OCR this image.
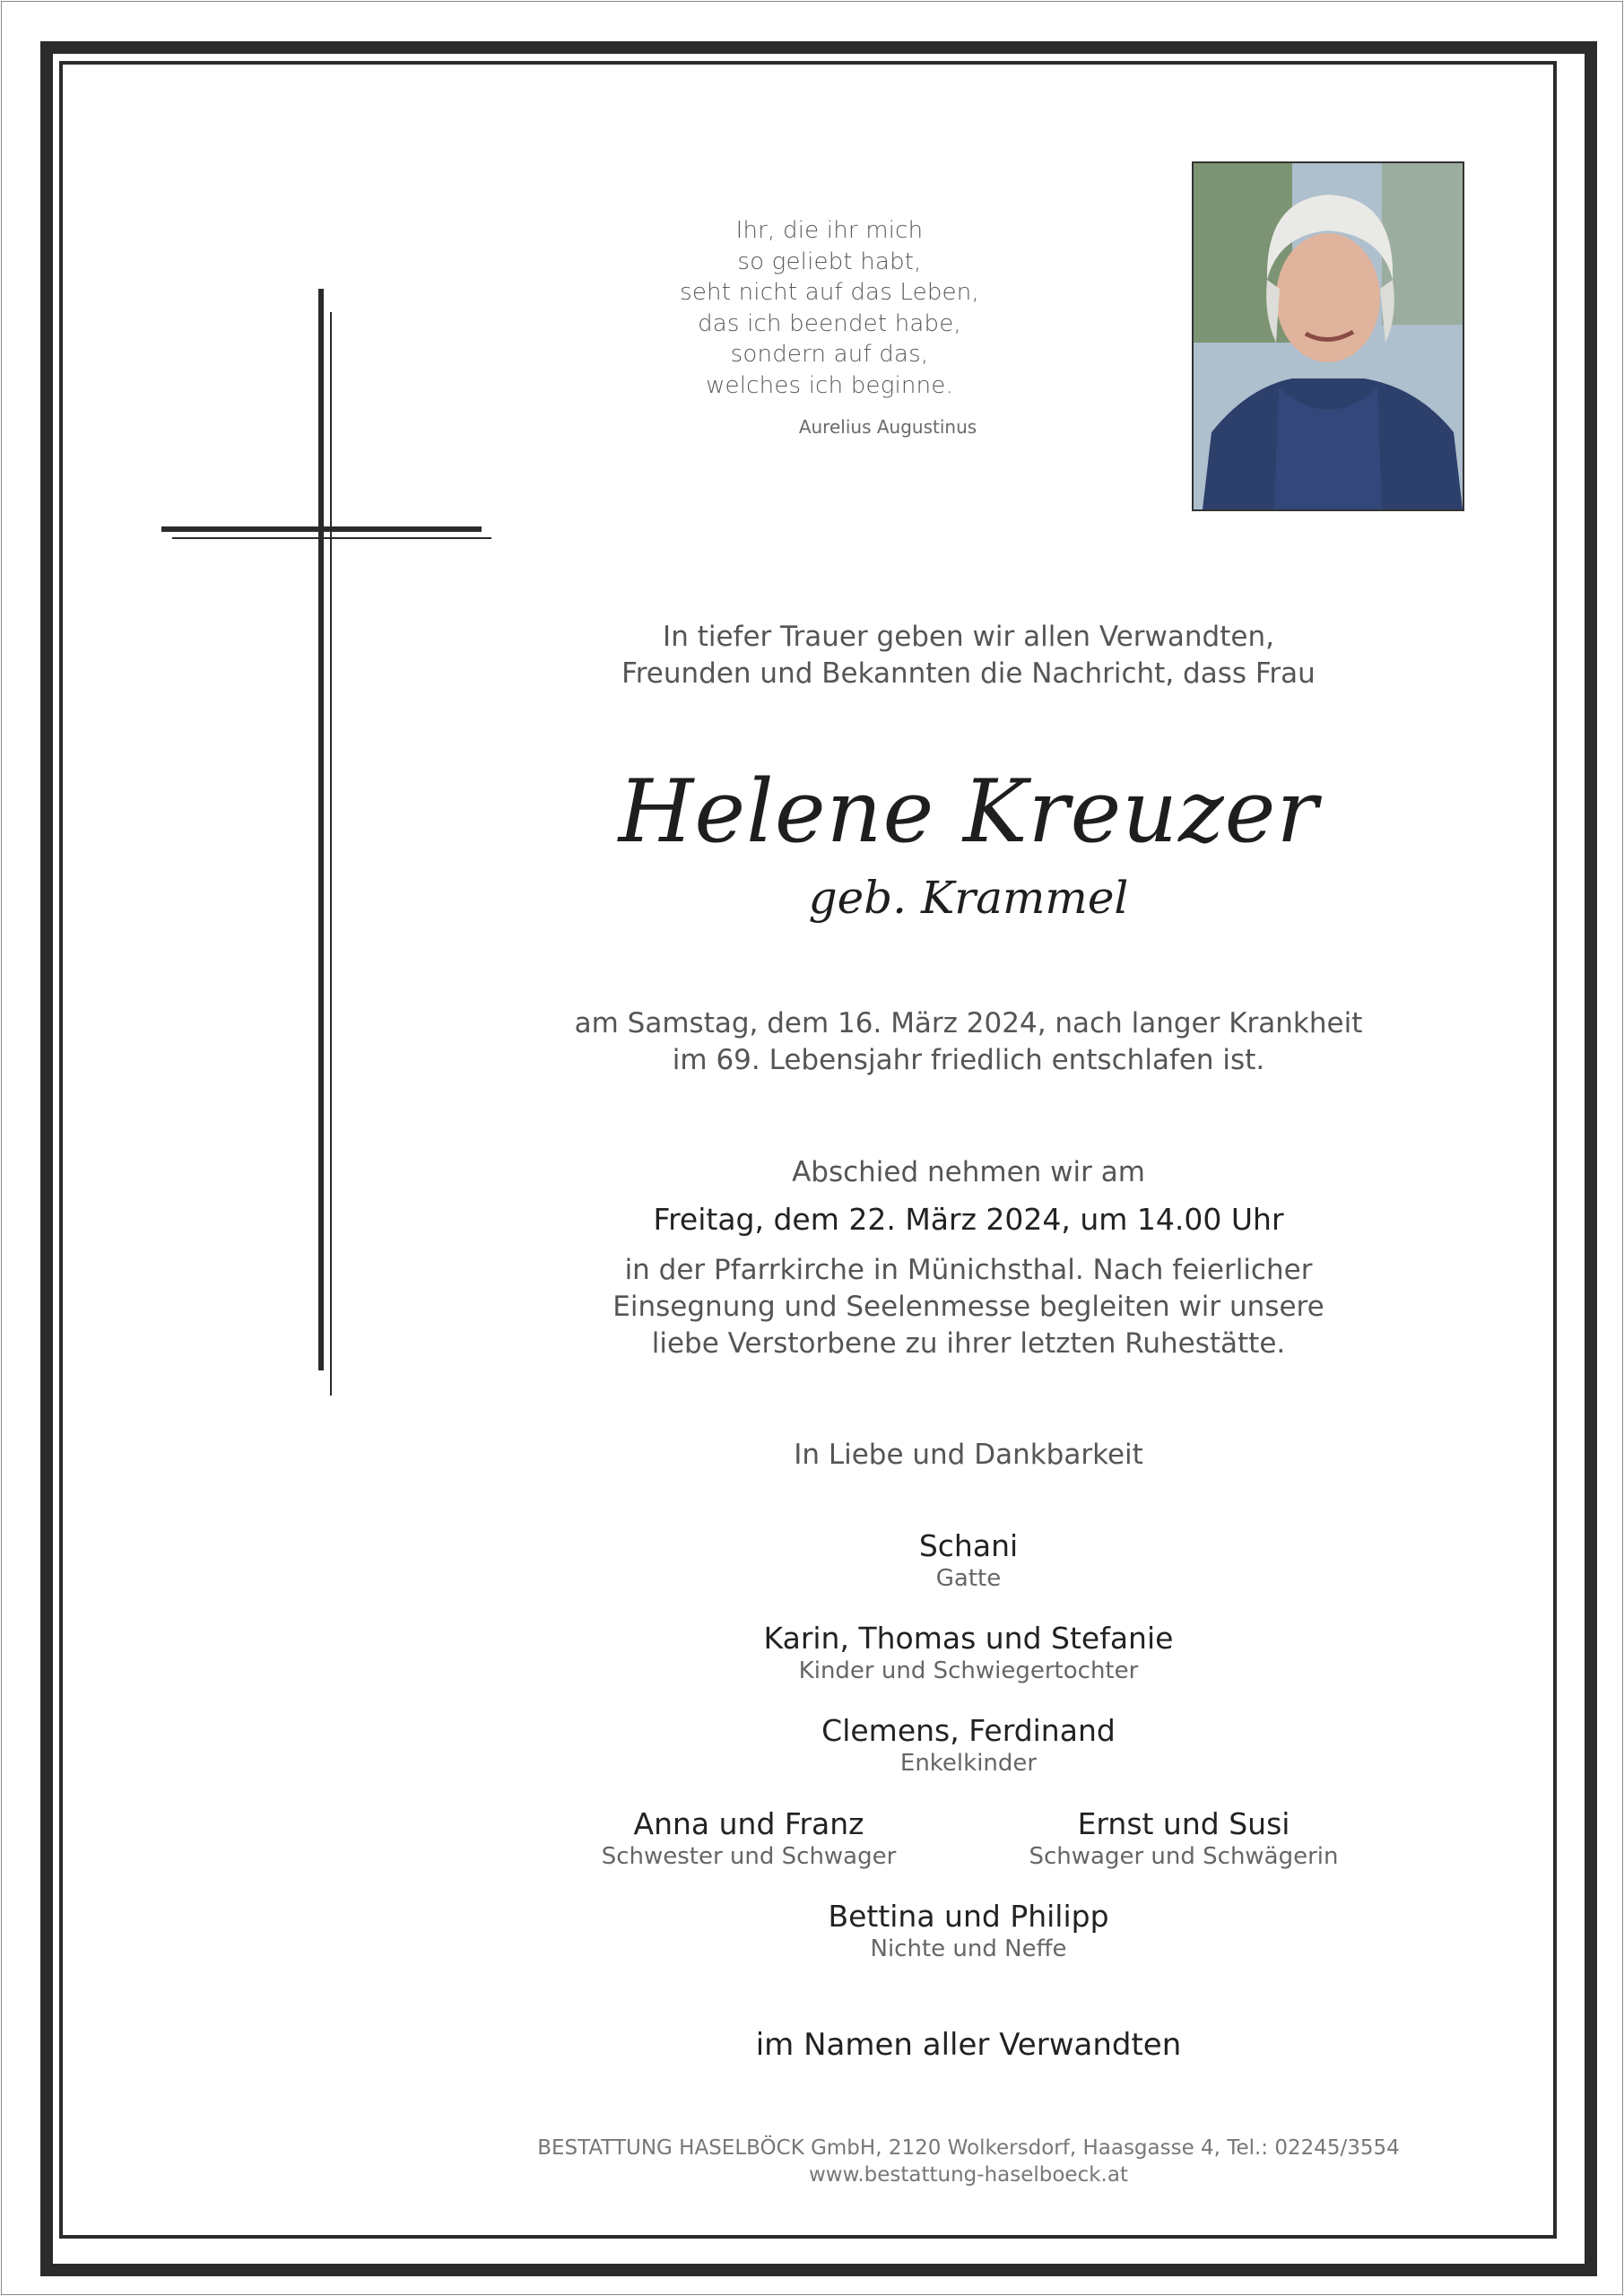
Ihr, die ihr mich
so geliebt habt,
seht nicht auf das Leben,
das ich beendet habe,
sondern auf das,
welches ich beginne.
Aurelius Augustinus
In tiefer Trauer geben wir allen Verwandten,
Freunden und Bekannten die Nachricht, dass Frau
Helene Kreuzer
geb. Krammel
am Samstag, dem 16. März 2024, nach langer Krankheit
im 69. Lebensjahr friedlich entschlafen ist.
Abschied nehmen wir am
Freitag, dem 22. März 2024, um 14.00 Uhr
in der Pfarrkirche in Münichsthal. Nach feierlicher
Einsegnung und Seelenmesse begleiten wir unsere
liebe Verstorbene zu ihrer letzten Ruhestätte.
In Liebe und Dankbarkeit
Schani
Gatte
Karin, Thomas und Stefanie
Kinder und Schwiegertochter
Clemens, Ferdinand
Enkelkinder
Anna und Franz
Schwester und Schwager
Ernst und Susi
Schwager und Schwägerin
Bettina und Philipp
Nichte und Neffe
im Namen aller Verwandten
BESTATTUNG HASELBÖCK GmbH, 2120 Wolkersdorf, Haasgasse 4, Tel.: 02245/3554
www.bestattung-haselboeck.at
